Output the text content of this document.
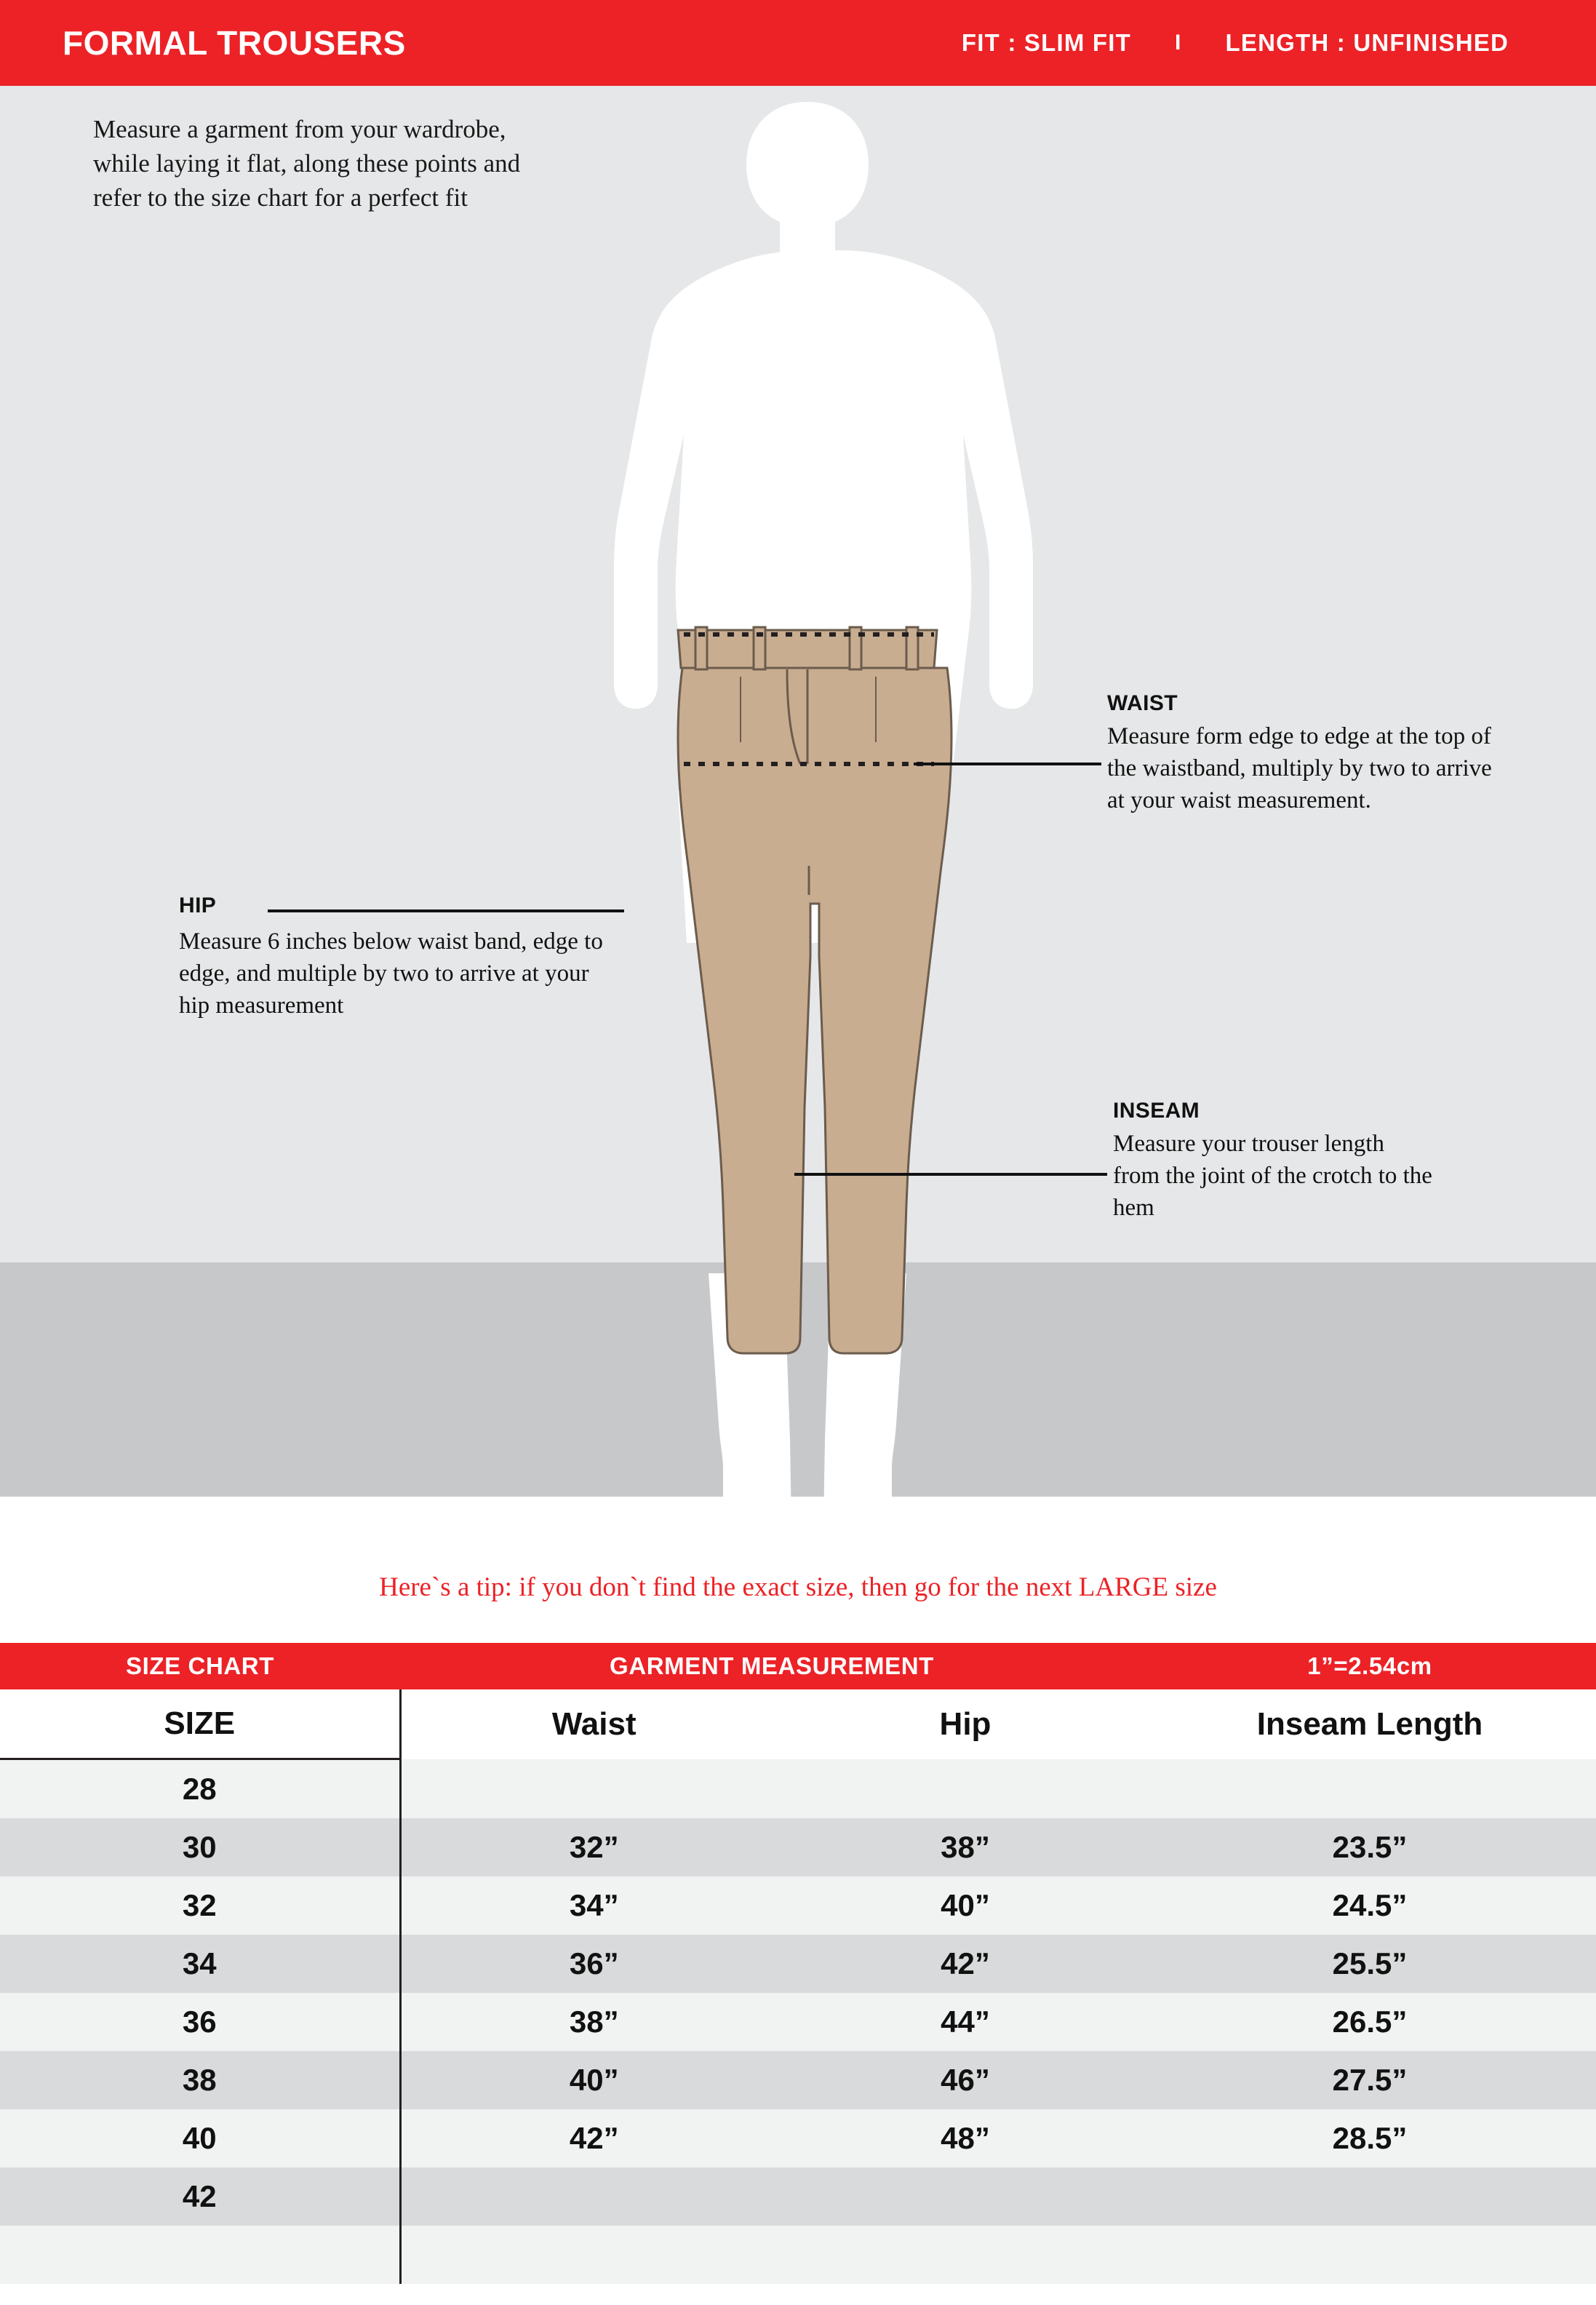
FORMAL TROUSERS	FIT : SLIM FIT I LENGTH : UNFINISHED
Measure a garment from your wardrobe, while laying it flat, along these points and refer to the size chart for a perfect fit
WAIST
Measure form edge to edge at the top of the waistband, multiply by two to arrive at your waist measurement.
HIP
Measure 6 inches below waist band, edge to edge, and multiple by two to arrive at your hip measurement
INSEAM
Measure your trouser length from the joint of the crotch to the hem
Here`s a tip: if you don`t find the exact size, then go for the next LARGE size
SIZE CHART	GARMENT MEASUREMENT		1”=2.54cm
SIZE	Waist	Hip	Inseam Length
28			
30	32”	38”	23.5”
32	34”	40”	24.5”
34	36”	42”	25.5”
36	38”	44”	26.5”
38	40”	46”	27.5”
40	42”	48”	28.5”
42			
